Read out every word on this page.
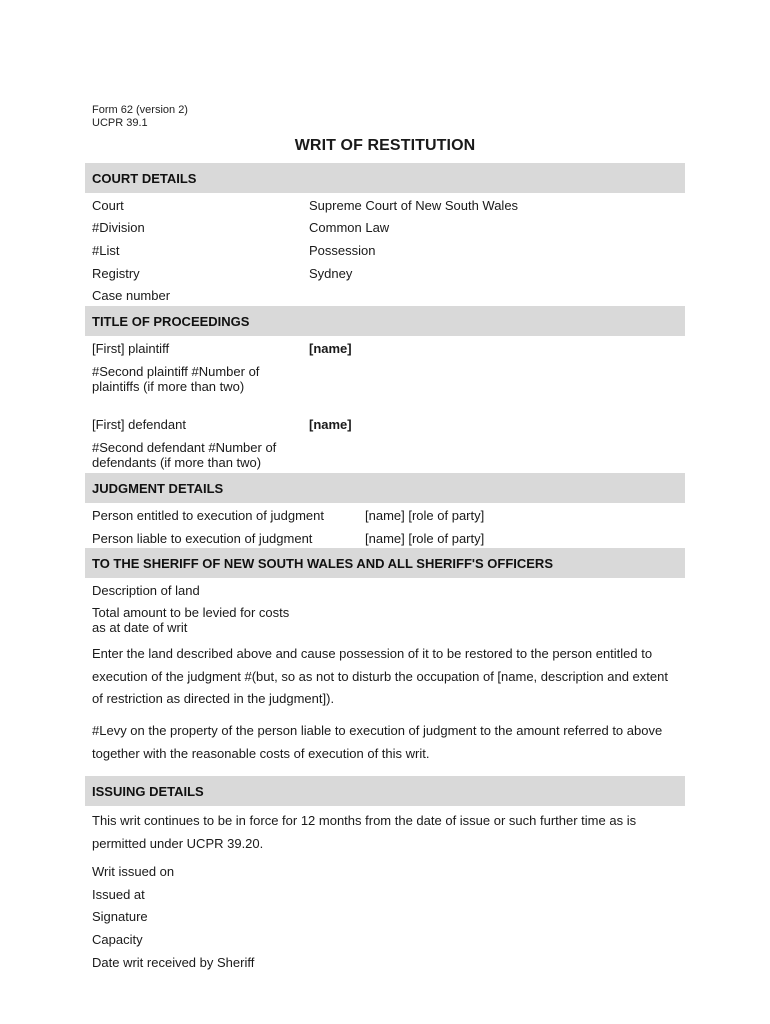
Form 62 (version 2)
UCPR 39.1
WRIT OF RESTITUTION
COURT DETAILS
Court	Supreme Court of New South Wales
#Division	Common Law
#List	Possession
Registry	Sydney
Case number
TITLE OF PROCEEDINGS
[First] plaintiff	[name]
#Second plaintiff #Number of plaintiffs (if more than two)
[First] defendant	[name]
#Second defendant #Number of defendants (if more than two)
JUDGMENT DETAILS
Person entitled to execution of judgment	[name] [role of party]
Person liable to execution of judgment	[name] [role of party]
TO THE SHERIFF OF NEW SOUTH WALES AND ALL SHERIFF'S OFFICERS
Description of land
Total amount to be levied for costs as at date of writ
Enter the land described above and cause possession of it to be restored to the person entitled to execution of the judgment #(but, so as not to disturb the occupation of [name, description and extent of restriction as directed in the judgment]).
#Levy on the property of the person liable to execution of judgment to the amount referred to above together with the reasonable costs of execution of this writ.
ISSUING DETAILS
This writ continues to be in force for 12 months from the date of issue or such further time as is permitted under UCPR 39.20.
Writ issued on
Issued at
Signature
Capacity
Date writ received by Sheriff
